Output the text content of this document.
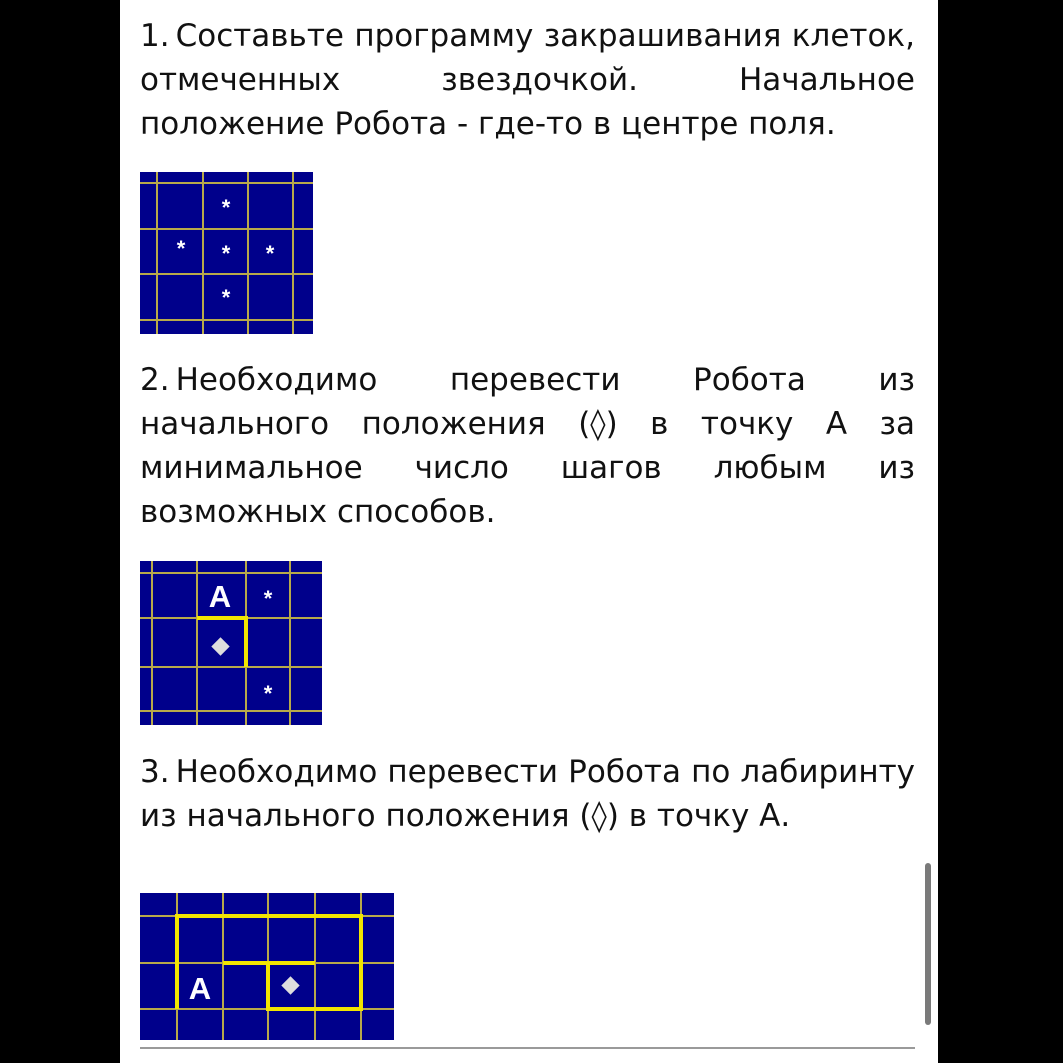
1. Составьте программу закрашивания клеток, отмеченных звездочкой. Начальное положение Робота - где-то в центре поля.
*
* * *
*
2. Необходимо перевести Робота из начального положения (◊) в точку А за минимальное число шагов любым из возможных способов.
A *
*
3. Необходимо перевести Робота по лабиринту из начального положения (◊) в точку А.
A
